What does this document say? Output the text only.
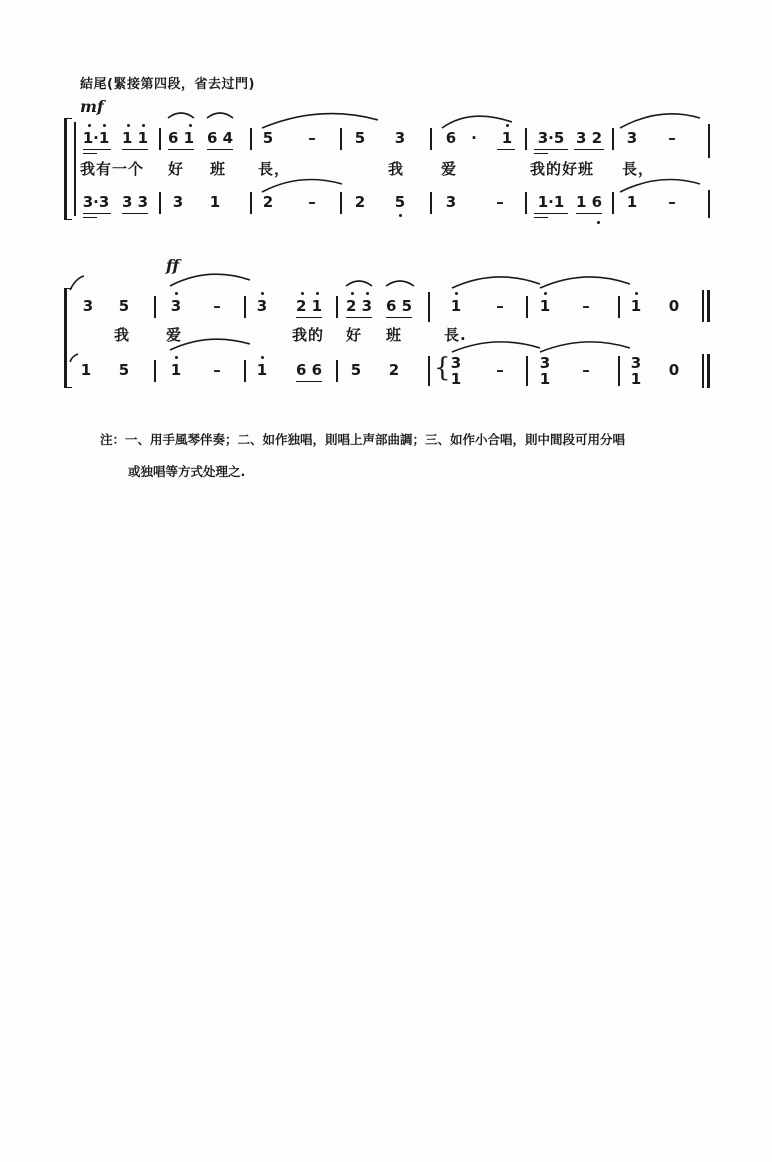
結尾(緊接第四段，省去过門)
mf
1·1 1 1 6 1 6 4	5	–	5	3	6 ·	1	3·5 3 2	3	–
我有一个 好 班 長，	我 爱	我的好班 長，
3·3 3 3	3	1	2	–	2	5	3	–	1·1 1 6	1	–
ff
3	5	3	–	3	2 1 2 3 6 5	1	–	1	–	1	0
我 爱	我的 好 班	長.
1	5	1	–	1	6 6	5	2 { 3
1	–	3
1	–	3
1	0
注：一、用手風琴伴奏；二、如作独唱，則唱上声部曲調；三、如作小合唱，則中間段可用分唱
或独唱等方式处理之.
